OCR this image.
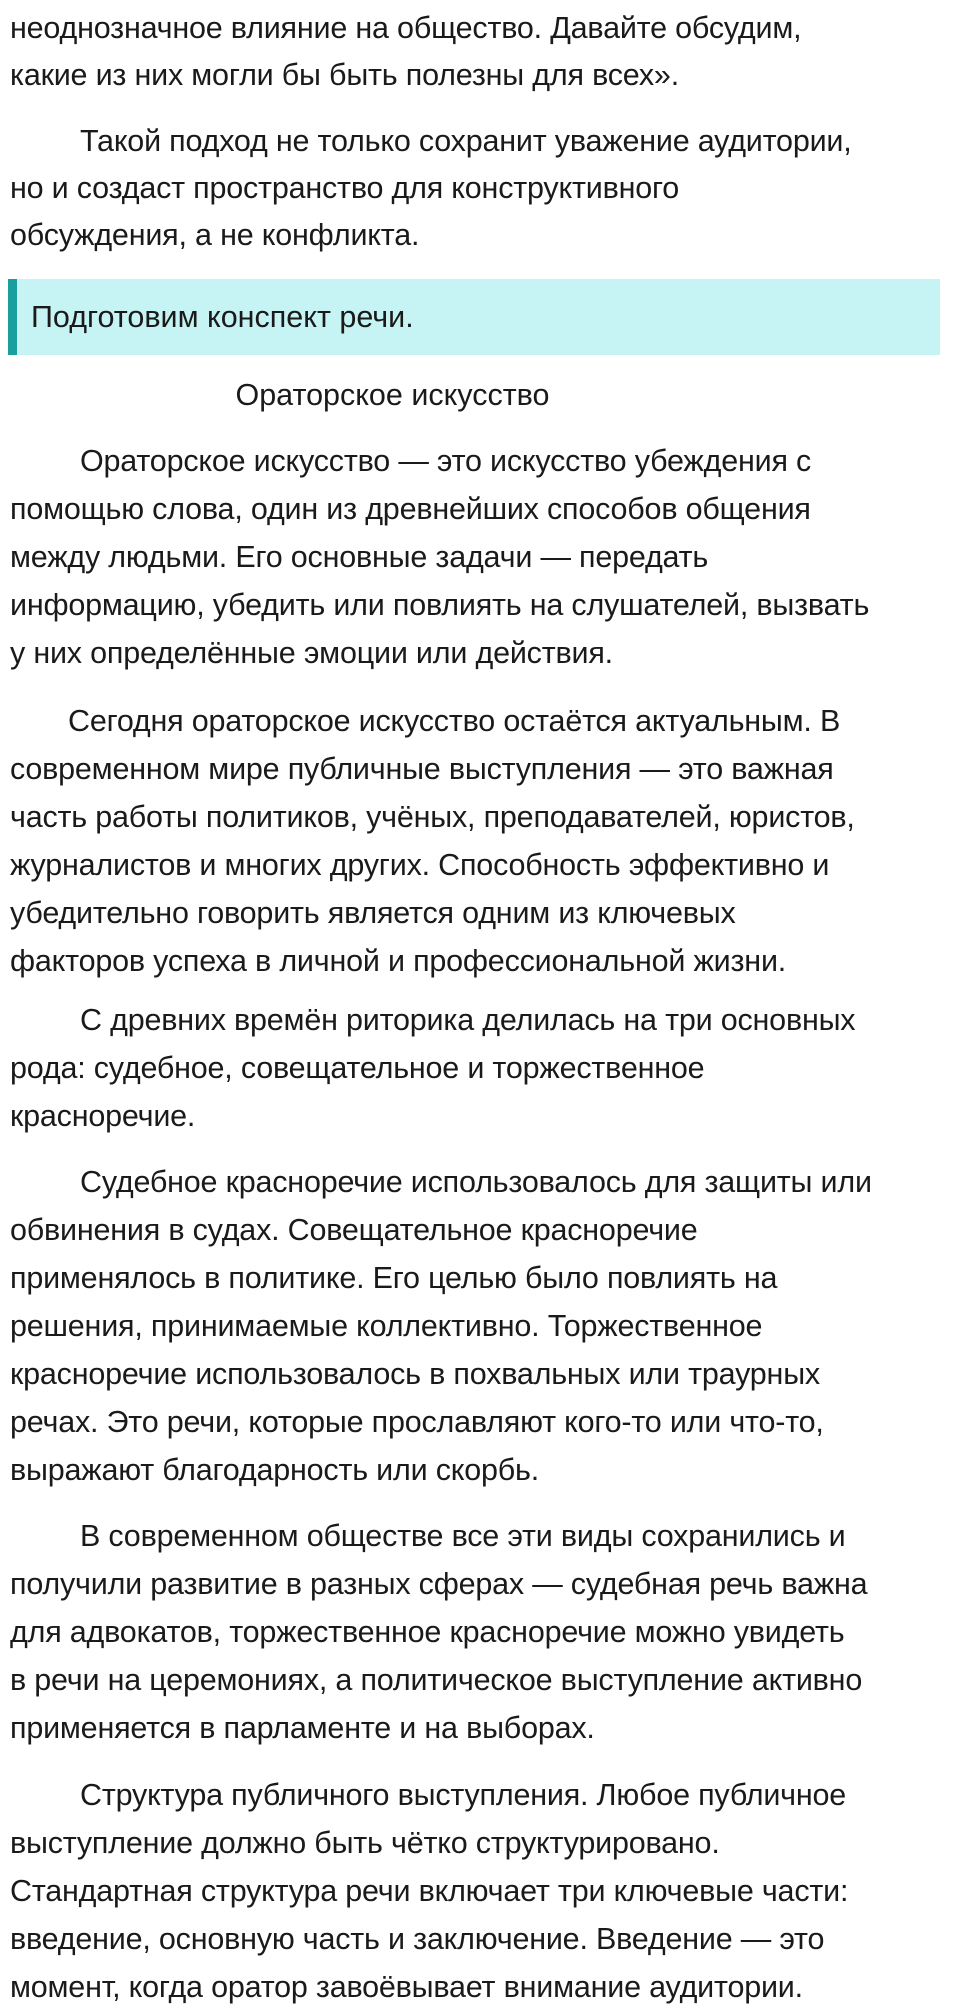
неоднозначное влияние на общество. Давайте обсудим,
какие из них могли бы быть полезны для всех».
Такой подход не только сохранит уважение аудитории,
но и создаст пространство для конструктивного
обсуждения, а не конфликта.
Подготовим конспект речи.
Ораторское искусство
Ораторское искусство — это искусство убеждения с
помощью слова, один из древнейших способов общения
между людьми. Его основные задачи — передать
информацию, убедить или повлиять на слушателей, вызвать
у них определённые эмоции или действия.
Сегодня ораторское искусство остаётся актуальным. В
современном мире публичные выступления — это важная
часть работы политиков, учёных, преподавателей, юристов,
журналистов и многих других. Способность эффективно и
убедительно говорить является одним из ключевых
факторов успеха в личной и профессиональной жизни.
С древних времён риторика делилась на три основных
рода: судебное, совещательное и торжественное
красноречие.
Судебное красноречие использовалось для защиты или
обвинения в судах. Совещательное красноречие
применялось в политике. Его целью было повлиять на
решения, принимаемые коллективно. Торжественное
красноречие использовалось в похвальных или траурных
речах. Это речи, которые прославляют кого-то или что-то,
выражают благодарность или скорбь.
В современном обществе все эти виды сохранились и
получили развитие в разных сферах — судебная речь важна
для адвокатов, торжественное красноречие можно увидеть
в речи на церемониях, а политическое выступление активно
применяется в парламенте и на выборах.
Структура публичного выступления. Любое публичное
выступление должно быть чётко структурировано.
Стандартная структура речи включает три ключевые части:
введение, основную часть и заключение. Введение — это
момент, когда оратор завоёвывает внимание аудитории.
